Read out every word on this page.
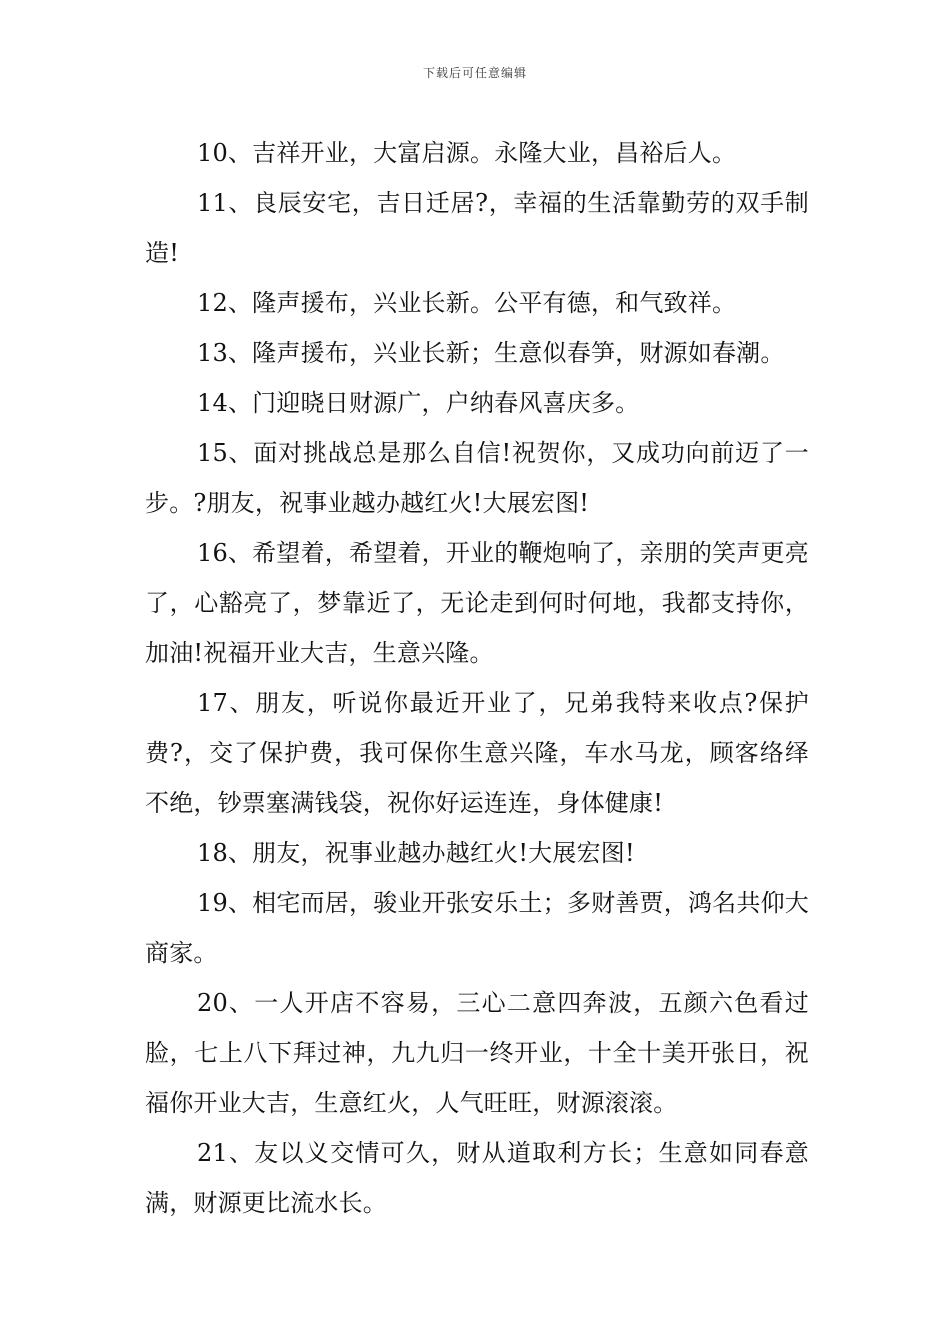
下载后可任意编辑

10、吉祥开业，大富启源。永隆大业，昌裕后人。

11、良辰安宅，吉日迁居?，幸福的生活靠勤劳的双手制造!

12、隆声援布，兴业长新。公平有德，和气致祥。

13、隆声援布，兴业长新；生意似春笋，财源如春潮。

14、门迎晓日财源广，户纳春风喜庆多。

15、面对挑战总是那么自信!祝贺你，又成功向前迈了一步。?朋友，祝事业越办越红火!大展宏图!

16、希望着，希望着，开业的鞭炮响了，亲朋的笑声更亮了，心豁亮了，梦靠近了，无论走到何时何地，我都支持你，加油!祝福开业大吉，生意兴隆。

17、朋友，听说你最近开业了，兄弟我特来收点?保护费?，交了保护费，我可保你生意兴隆，车水马龙，顾客络绎不绝，钞票塞满钱袋，祝你好运连连，身体健康!

18、朋友，祝事业越办越红火!大展宏图!

19、相宅而居，骏业开张安乐土；多财善贾，鸿名共仰大商家。

20、一人开店不容易，三心二意四奔波，五颜六色看过脸，七上八下拜过神，九九归一终开业，十全十美开张日，祝福你开业大吉，生意红火，人气旺旺，财源滚滚。

21、友以义交情可久，财从道取利方长；生意如同春意满，财源更比流水长。
